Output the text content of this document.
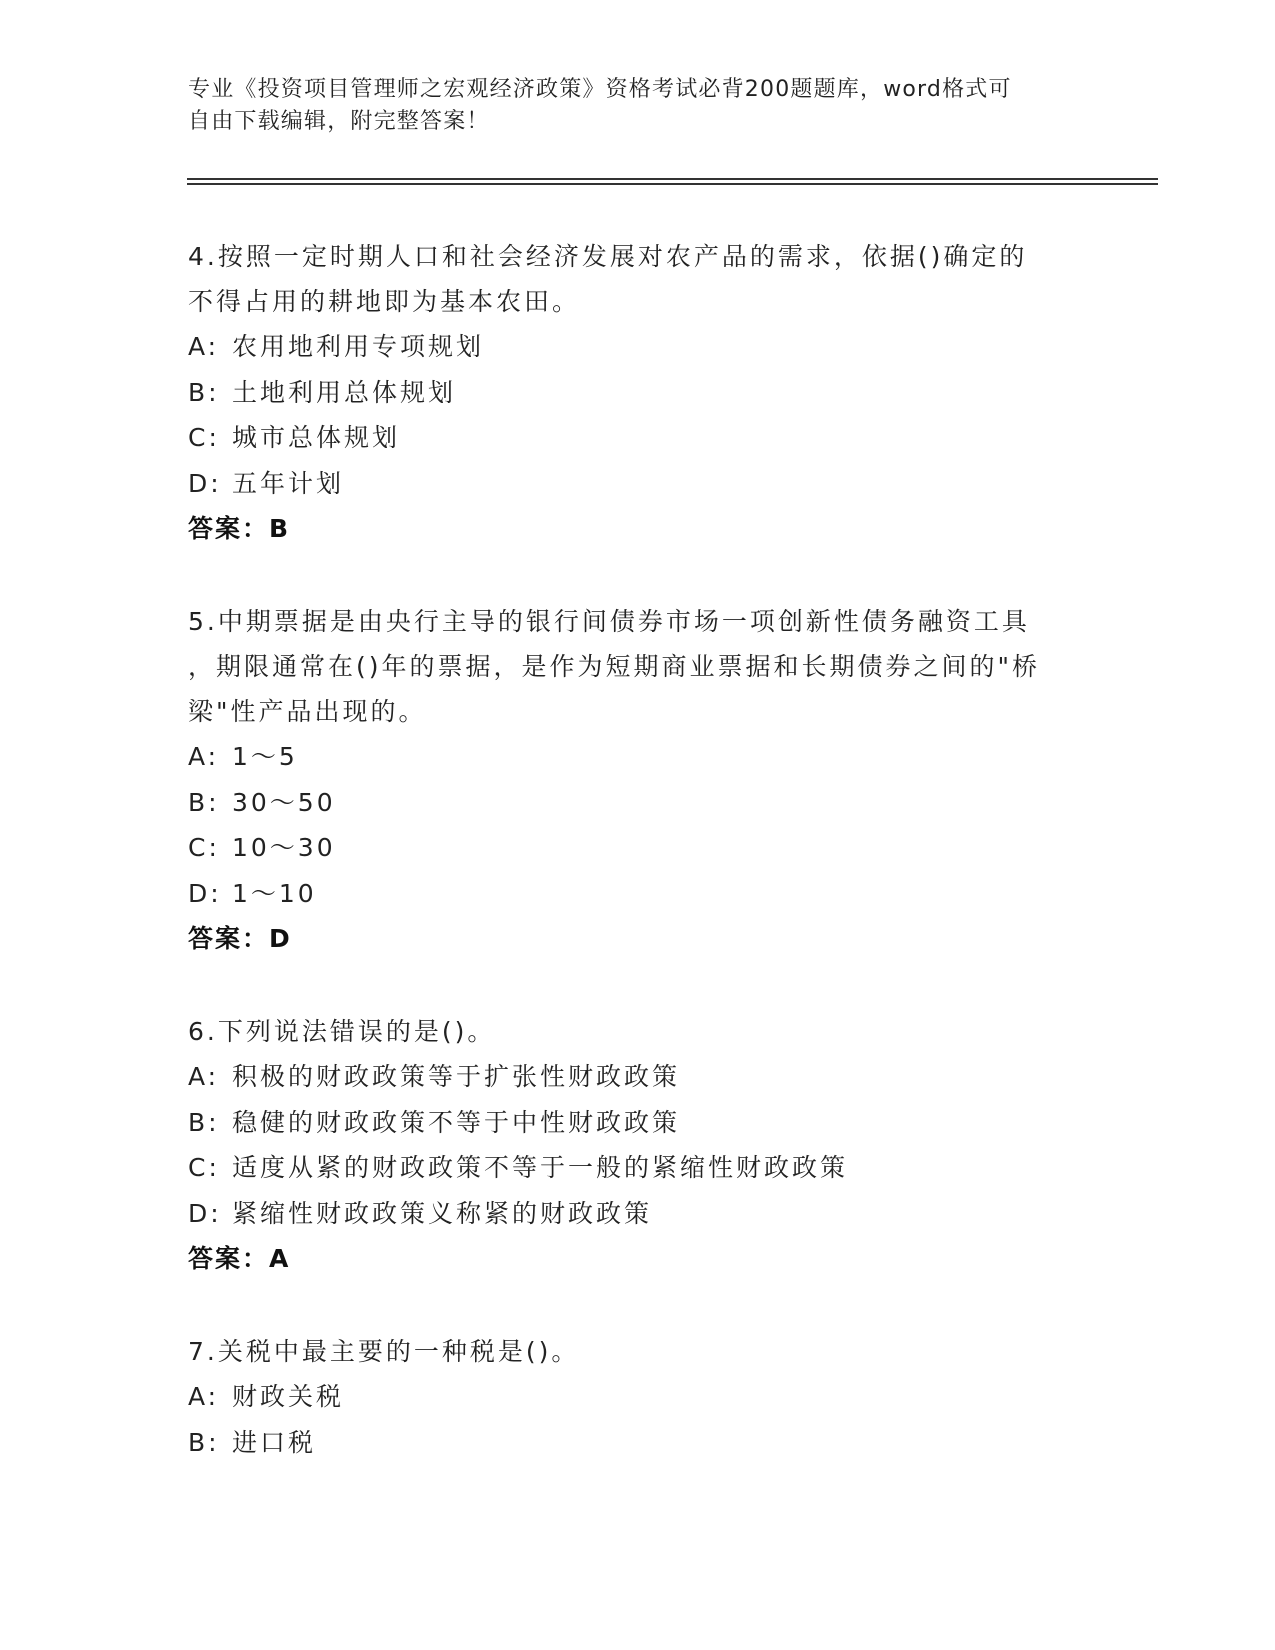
专业《投资项目管理师之宏观经济政策》资格考试必背200题题库，word格式可
自由下载编辑，附完整答案！
4.按照一定时期人口和社会经济发展对农产品的需求，依据()确定的
不得占用的耕地即为基本农田。
A: 农用地利用专项规划
B: 土地利用总体规划
C: 城市总体规划
D: 五年计划
答案：B
5.中期票据是由央行主导的银行间债券市场一项创新性债务融资工具
，期限通常在()年的票据，是作为短期商业票据和长期债券之间的"桥
梁"性产品出现的。
A: 1～5
B: 30～50
C: 10～30
D: 1～10
答案：D
6.下列说法错误的是()。
A: 积极的财政政策等于扩张性财政政策
B: 稳健的财政政策不等于中性财政政策
C: 适度从紧的财政政策不等于一般的紧缩性财政政策
D: 紧缩性财政政策义称紧的财政政策
答案：A
7.关税中最主要的一种税是()。
A: 财政关税
B: 进口税
